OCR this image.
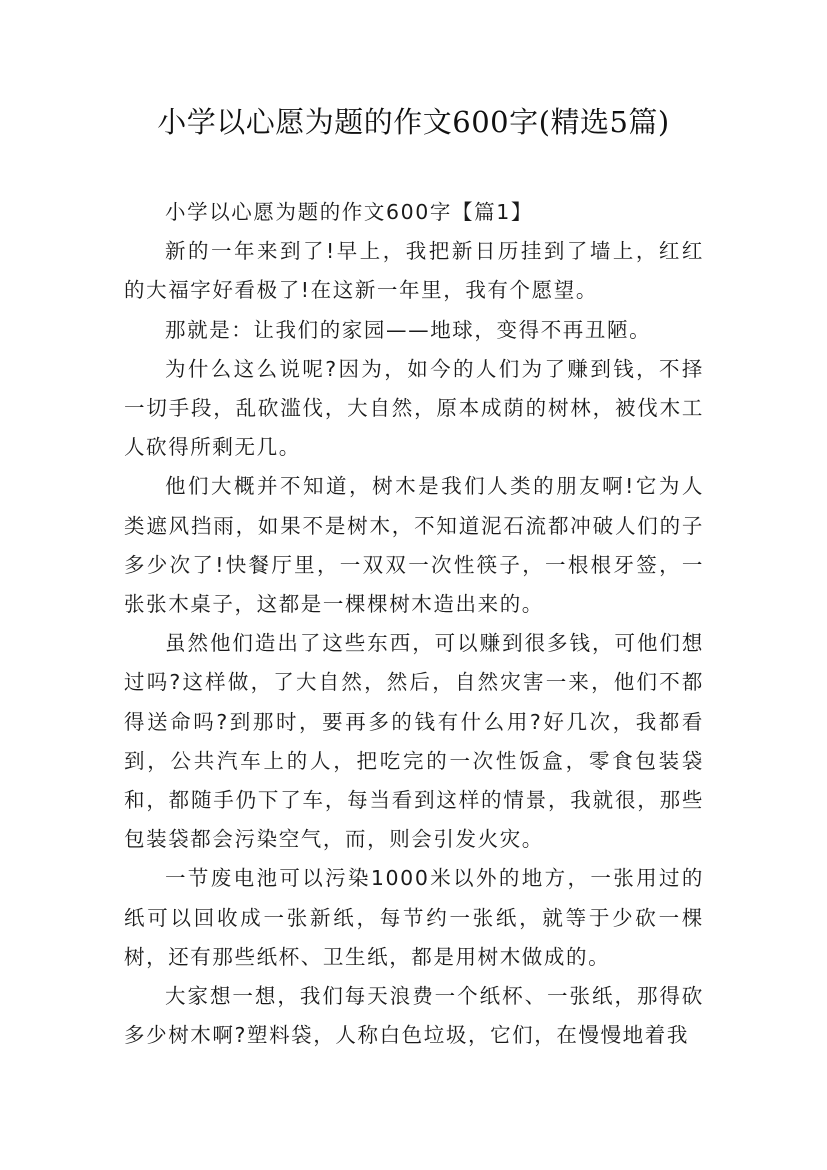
小学以心愿为题的作文600字(精选5篇)

小学以心愿为题的作文600字【篇1】

新的一年来到了!早上，我把新日历挂到了墙上，红红的大福字好看极了!在这新一年里，我有个愿望。

那就是：让我们的家园——地球，变得不再丑陋。

为什么这么说呢?因为，如今的人们为了赚到钱，不择一切手段，乱砍滥伐，大自然，原本成荫的树林，被伐木工人砍得所剩无几。

他们大概并不知道，树木是我们人类的朋友啊!它为人类遮风挡雨，如果不是树木，不知道泥石流都冲破人们的子多少次了!快餐厅里，一双双一次性筷子，一根根牙签，一张张木桌子，这都是一棵棵树木造出来的。

虽然他们造出了这些东西，可以赚到很多钱，可他们想过吗?这样做，了大自然，然后，自然灾害一来，他们不都得送命吗?到那时，要再多的钱有什么用?好几次，我都看到，公共汽车上的人，把吃完的一次性饭盒，零食包装袋和，都随手仍下了车，每当看到这样的情景，我就很，那些包装袋都会污染空气，而，则会引发火灾。

一节废电池可以污染1000米以外的地方，一张用过的纸可以回收成一张新纸，每节约一张纸，就等于少砍一棵树，还有那些纸杯、卫生纸，都是用树木做成的。

大家想一想，我们每天浪费一个纸杯、一张纸，那得砍多少树木啊?塑料袋，人称白色垃圾，它们，在慢慢地着我
